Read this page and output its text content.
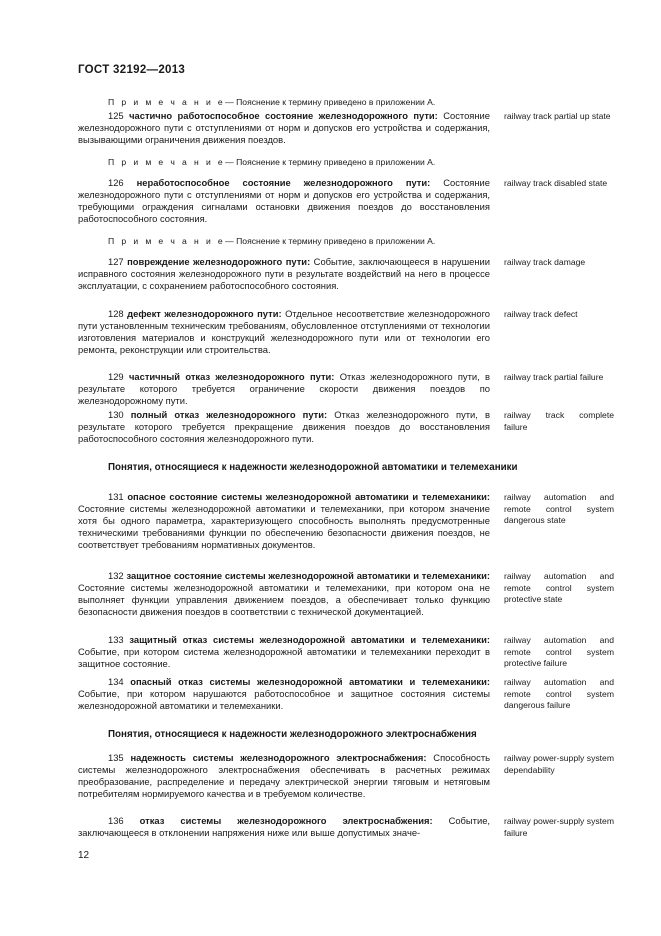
ГОСТ 32192—2013
П р и м е ч а н и е— Пояснение к термину приведено в приложении А.
125 частично работоспособное состояние железнодорожного пути: Состояние железнодорожного пути с отступлениями от норм и допусков его устройства и содержания, вызывающими ограничения движения поездов.
railway track partial up state
П р и м е ч а н и е— Пояснение к термину приведено в приложении А.
126 неработоспособное состояние железнодорожного пути: Состояние железнодорожного пути с отступлениями от норм и допусков его устройства и содержания, требующими ограждения сигналами остановки движения поездов до восстановления работоспособного состояния.
railway track disabled state
П р и м е ч а н и е— Пояснение к термину приведено в приложении А.
127 повреждение железнодорожного пути: Событие, заключающееся в нарушении исправного состояния железнодорожного пути в результате воздействий на него в процессе эксплуатации, с сохранением работоспособного состояния.
railway track damage
128 дефект железнодорожного пути: Отдельное несоответствие железнодорожного пути установленным техническим требованиям, обусловленное отступлениями от технологии изготовления материалов и конструкций железнодорожного пути или от технологии его ремонта, реконструкции или строительства.
railway track defect
129 частичный отказ железнодорожного пути: Отказ железнодорожного пути, в результате которого требуется ограничение скорости движения поездов по железнодорожному пути.
railway track partial failure
130 полный отказ железнодорожного пути: Отказ железнодорожного пути, в результате которого требуется прекращение движения поездов до восстановления работоспособного состояния железнодорожного пути.
railway track complete failure
Понятия, относящиеся к надежности железнодорожной автоматики и телемеханики
131 опасное состояние системы железнодорожной автоматики и телемеханики: Состояние системы железнодорожной автоматики и телемеханики, при котором значение хотя бы одного параметра, характеризующего способность выполнять предусмотренные техническими требованиями функции по обеспечению безопасности движения поездов, не соответствует требованиям нормативных документов.
railway automation and remote control system dangerous state
132 защитное состояние системы железнодорожной автоматики и телемеханики: Состояние системы железнодорожной автоматики и телемеханики, при котором она не выполняет функции управления движением поездов, а обеспечивает только функцию безопасности движения поездов в соответствии с технической документацией.
railway automation and remote control system protective state
133 защитный отказ системы железнодорожной автоматики и телемеханики: Событие, при котором система железнодорожной автоматики и телемеханики переходит в защитное состояние.
railway automation and remote control system protective failure
134 опасный отказ системы железнодорожной автоматики и телемеханики: Событие, при котором нарушаются работоспособное и защитное состояния системы железнодорожной автоматики и телемеханики.
railway automation and remote control system dangerous failure
Понятия, относящиеся к надежности железнодорожного электроснабжения
135 надежность системы железнодорожного электроснабжения: Способность системы железнодорожного электроснабжения обеспечивать в расчетных режимах преобразование, распределение и передачу электрической энергии тяговым и нетяговым потребителям нормируемого качества и в требуемом количестве.
railway power-supply system dependability
136 отказ системы железнодорожного электроснабжения: Событие, заключающееся в отклонении напряжения ниже или выше допустимых значе-
railway power-supply system failure
12
